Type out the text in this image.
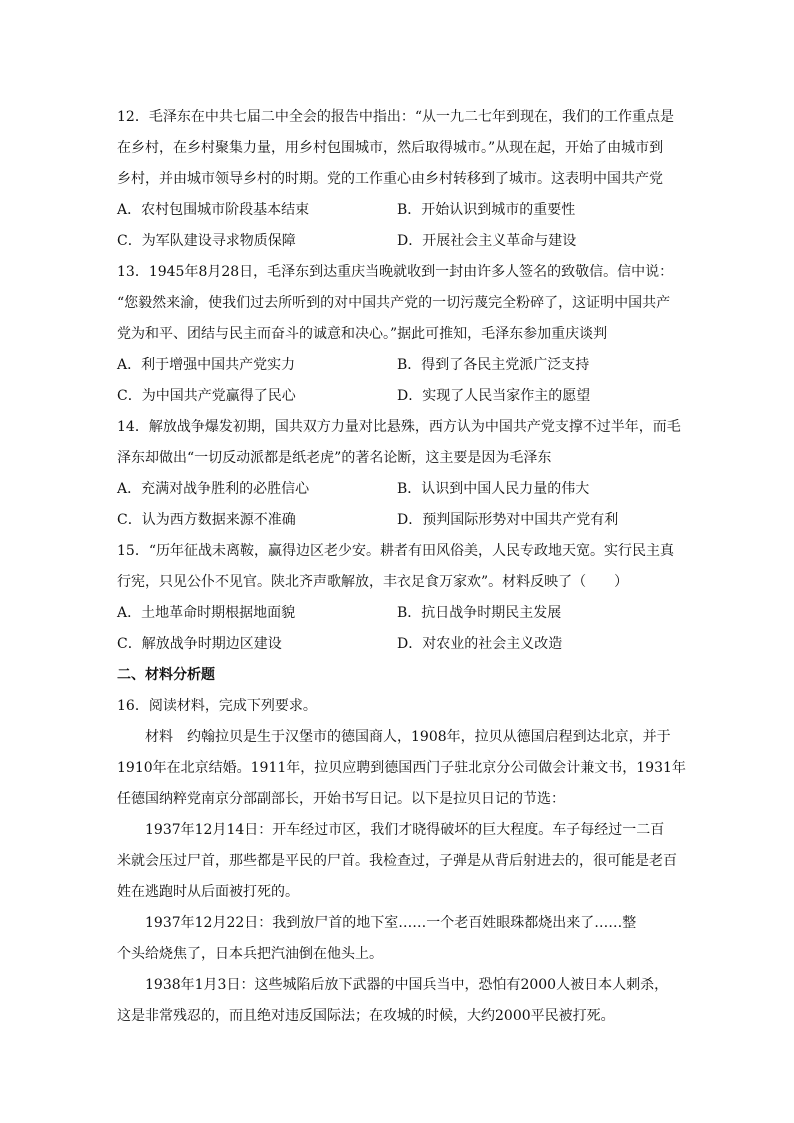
12．毛泽东在中共七届二中全会的报告中指出：“从一九二七年到现在，我们的工作重点是
在乡村，在乡村聚集力量，用乡村包围城市，然后取得城市。”从现在起，开始了由城市到
乡村，并由城市领导乡村的时期。党的工作重心由乡村转移到了城市。这表明中国共产党
A．农村包围城市阶段基本结束	B．开始认识到城市的重要性
C．为军队建设寻求物质保障	D．开展社会主义革命与建设
13．1945年8月28日，毛泽东到达重庆当晚就收到一封由许多人签名的致敬信。信中说：
“您毅然来渝，使我们过去所听到的对中国共产党的一切污蔑完全粉碎了，这证明中国共产
党为和平、团结与民主而奋斗的诚意和决心。”据此可推知，毛泽东参加重庆谈判
A．利于增强中国共产党实力	B．得到了各民主党派广泛支持
C．为中国共产党赢得了民心	D．实现了人民当家作主的愿望
14．解放战争爆发初期，国共双方力量对比悬殊，西方认为中国共产党支撑不过半年，而毛
泽东却做出“一切反动派都是纸老虎”的著名论断，这主要是因为毛泽东
A．充满对战争胜利的必胜信心	B．认识到中国人民力量的伟大
C．认为西方数据来源不准确	D．预判国际形势对中国共产党有利
15．“历年征战未离鞍，赢得边区老少安。耕者有田风俗美，人民专政地天宽。实行民主真
行宪，只见公仆不见官。陕北齐声歌解放，丰衣足食万家欢”。材料反映了（　　）
A．土地革命时期根据地面貌	B．抗日战争时期民主发展
C．解放战争时期边区建设	D．对农业的社会主义改造
二、材料分析题
16．阅读材料，完成下列要求。
材料　约翰拉贝是生于汉堡市的德国商人，1908年，拉贝从德国启程到达北京，并于
1910年在北京结婚。1911年，拉贝应聘到德国西门子驻北京分公司做会计兼文书，1931年
任德国纳粹党南京分部副部长，开始书写日记。以下是拉贝日记的节选：
1937年12月14日：开车经过市区，我们才晓得破坏的巨大程度。车子每经过一二百
米就会压过尸首，那些都是平民的尸首。我检查过，子弹是从背后射进去的，很可能是老百
姓在逃跑时从后面被打死的。
1937年12月22日：我到放尸首的地下室……一个老百姓眼珠都烧出来了……整
个头给烧焦了，日本兵把汽油倒在他头上。
1938年1月3日：这些城陷后放下武器的中国兵当中，恐怕有2000人被日本人刺杀，
这是非常残忍的，而且绝对违反国际法；在攻城的时候，大约2000平民被打死。
